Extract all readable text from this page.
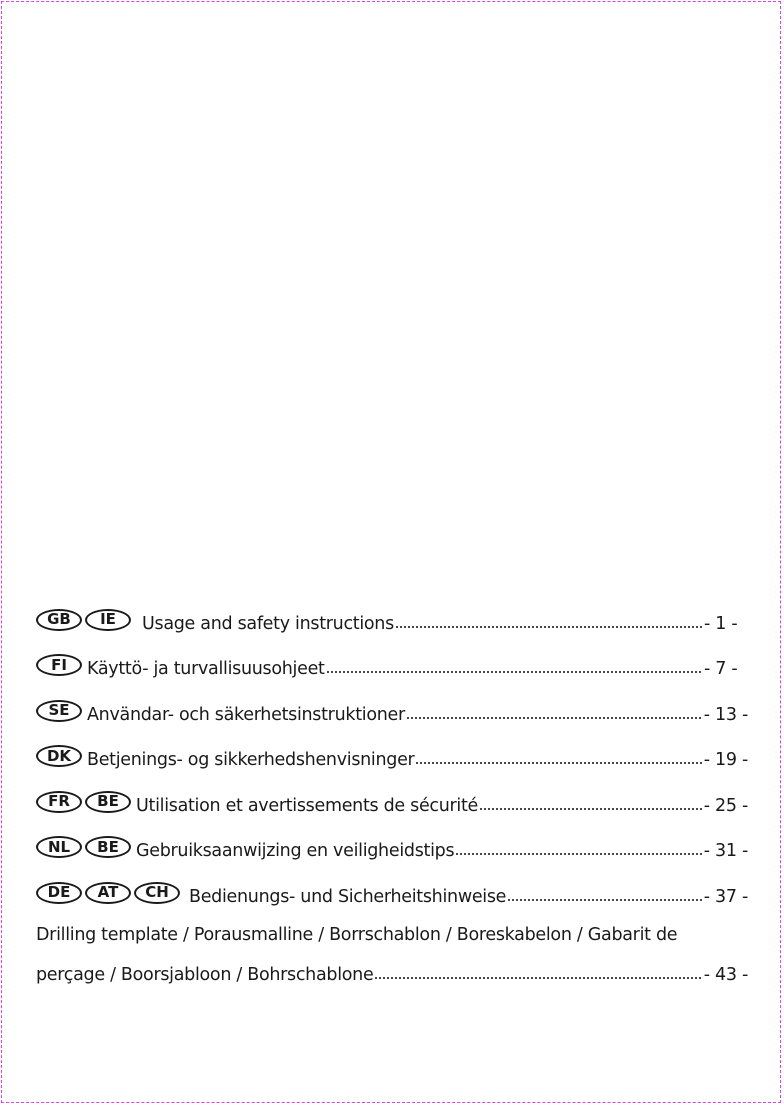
GB	IE	Usage and safety instructions	- 1 -
FI	Käyttö- ja turvallisuusohjeet	- 7 -
SE Användar- och säkerhetsinstruktioner	- 13 -
DK Betjenings- og sikkerhedshenvisninger	- 19 -
FR	BE Utilisation et avertissements de sécurité	- 25 -
NL	BE Gebruiksaanwijzing en veiligheidstips	- 31 -
DE	AT	CH	Bedienungs- und Sicherheitshinweise	- 37 -
Drilling template / Porausmalline / Borrschablon / Boreskabelon / Gabarit de
perçage / Boorsjabloon / Bohrschablone	- 43 -
